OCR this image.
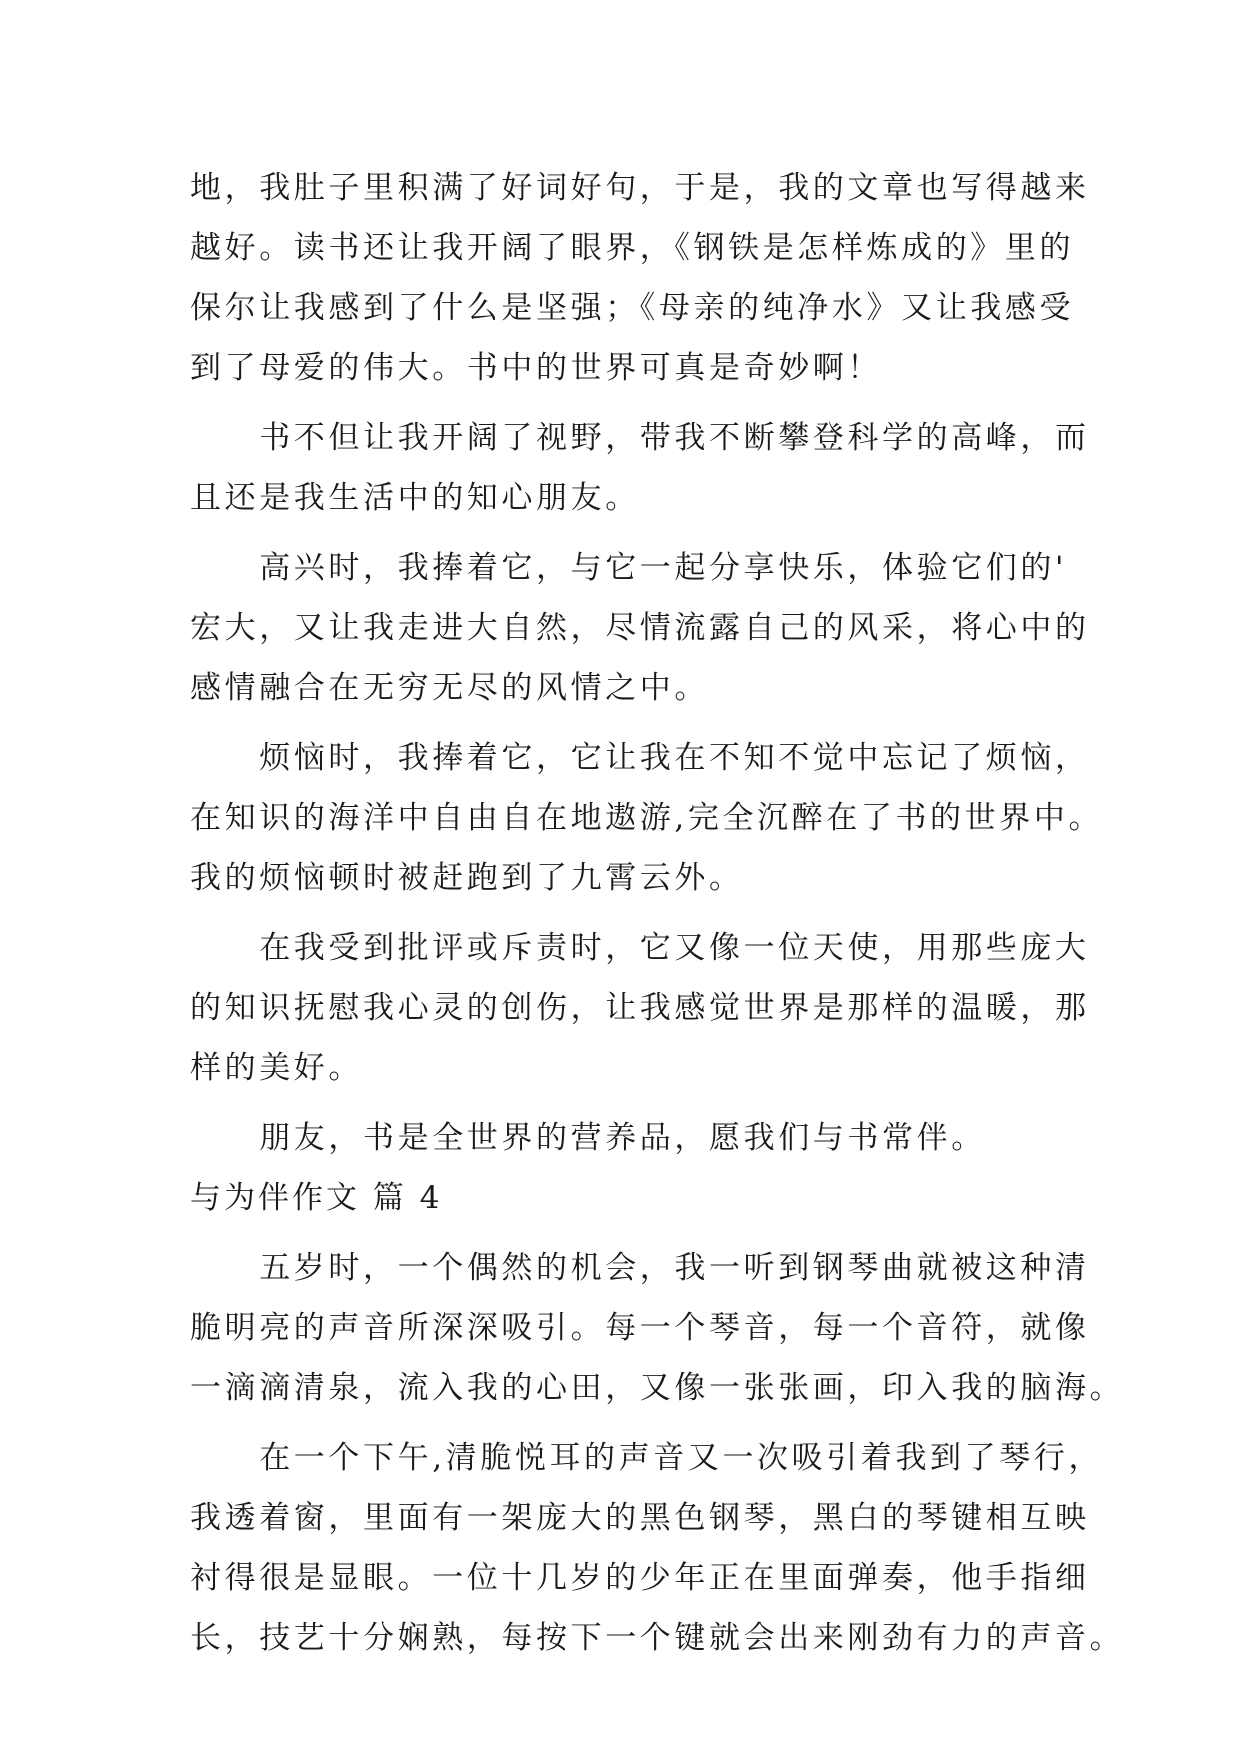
地，我肚子里积满了好词好句，于是，我的文章也写得越来
越好。读书还让我开阔了眼界，《钢铁是怎样炼成的》里的
保尔让我感到了什么是坚强；《母亲的纯净水》又让我感受
到了母爱的伟大。书中的世界可真是奇妙啊！
　　书不但让我开阔了视野，带我不断攀登科学的高峰，而
且还是我生活中的知心朋友。
　　高兴时，我捧着它，与它一起分享快乐，体验它们的'
宏大，又让我走进大自然，尽情流露自己的风采，将心中的
感情融合在无穷无尽的风情之中。
　　烦恼时，我捧着它，它让我在不知不觉中忘记了烦恼，
在知识的海洋中自由自在地遨游,完全沉醉在了书的世界中。
我的烦恼顿时被赶跑到了九霄云外。
　　在我受到批评或斥责时，它又像一位天使，用那些庞大
的知识抚慰我心灵的创伤，让我感觉世界是那样的温暖，那
样的美好。
　　朋友，书是全世界的营养品，愿我们与书常伴。
与为伴作文 篇 4
　　五岁时，一个偶然的机会，我一听到钢琴曲就被这种清
脆明亮的声音所深深吸引。每一个琴音，每一个音符，就像
一滴滴清泉，流入我的心田，又像一张张画，印入我的脑海。
　　在一个下午,清脆悦耳的声音又一次吸引着我到了琴行，
我透着窗，里面有一架庞大的黑色钢琴，黑白的琴键相互映
衬得很是显眼。一位十几岁的少年正在里面弹奏，他手指细
长，技艺十分娴熟，每按下一个键就会出来刚劲有力的声音。
